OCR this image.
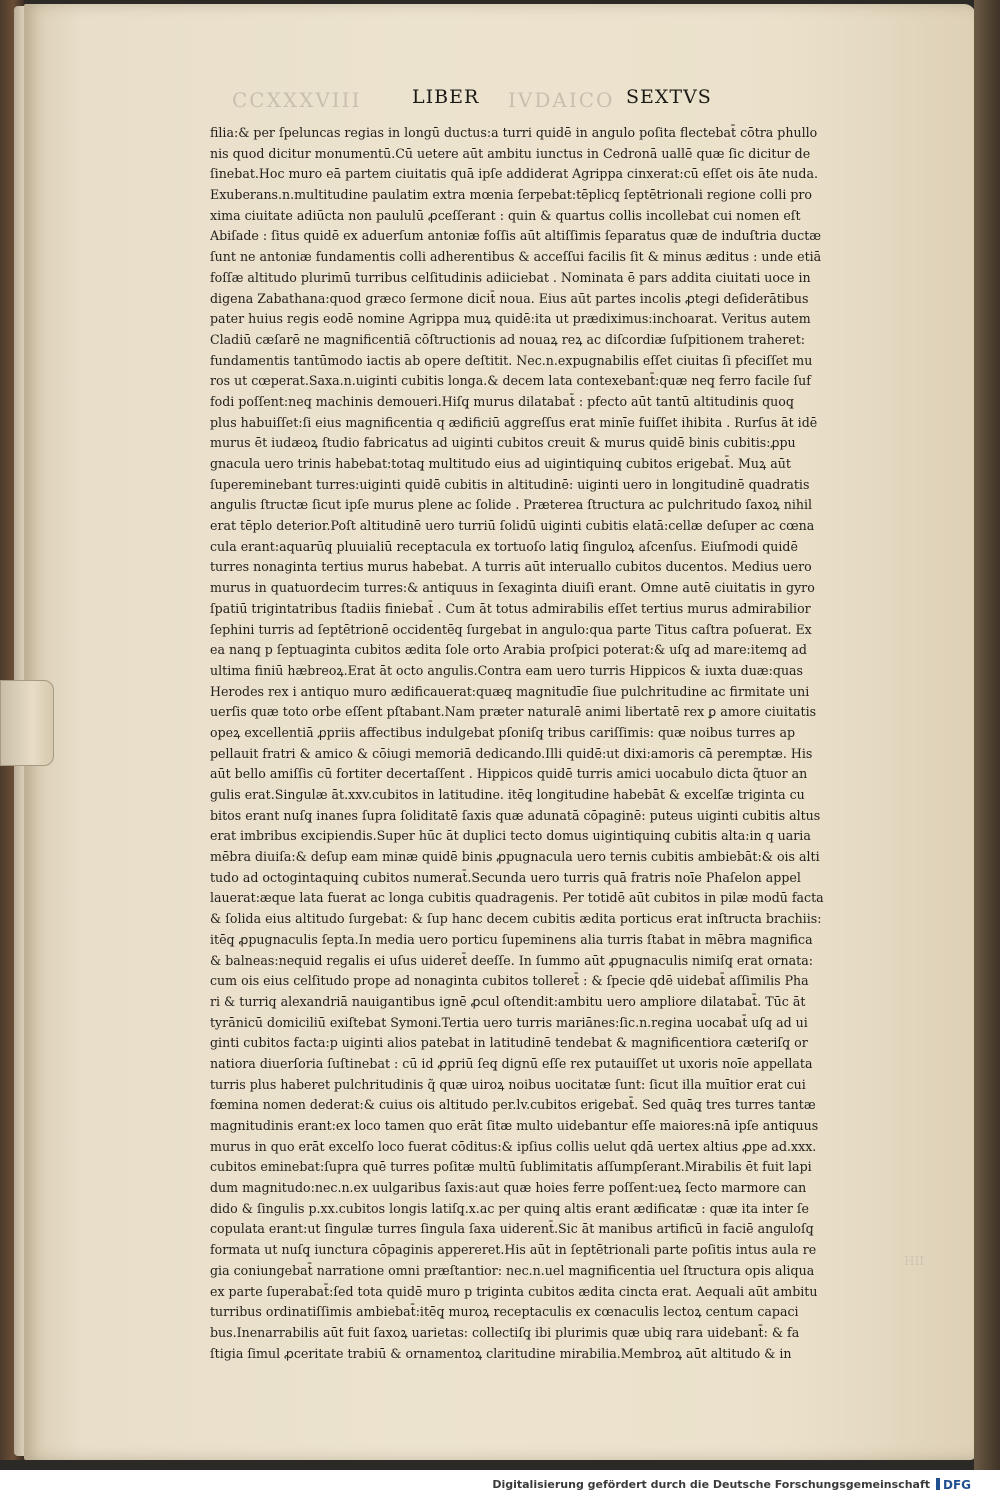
CCXXXVIII	IVDAICO
LIBER	SEXTVS
filia:& per ſpeluncas regias in longū ductus:a turri quidē in angulo poſita flectebat̄ cōtra phullo
nis quod dicitur monumentū.Cū uetere aūt ambitu iunctus in Cedronā uallē quæ ſic dicitur de
ſinebat.Hoc muro eā partem ciuitatis quā ipſe addiderat Agrippa cinxerat:cū eſſet ois āte nuda.
Exuberans.n.multitudine paulatim extra mœnia ſerpebat:tēplicq̧ ſeptētrionali regione colli pro
xima ciuitate adiūcta non paululū ꝓceſſerant : quin & quartus collis incollebat cui nomen eſt
Abiſade : ſitus quidē ex aduerſum antoniæ foſſis aūt altiſſimis ſeparatus quæ de induſtria ductæ
ſunt ne antoniæ fundamentis colli adherentibus & acceſſui facilis ſit & minus æditus : unde etiā
foſſæ altitudo plurimū turribus celſitudinis adiiciebat . Nominata ē pars addita ciuitati uoce in
digena Zabathana:quod græco ſermone dicit̄ noua. Eius aūt partes incolis ꝓtegi deſiderātibus
pater huius regis eodē nomine Agrippa muꝝ quidē:ita ut prædiximus:inchoarat. Veritus autem
Cladiū cæſarē ne magnificentiā cōſtructionis ad nouaꝝ reꝝ ac diſcordiæ ſuſpitionem traheret:
fundamentis tantūmodo iactis ab opere deſtitit. Nec.n.expugnabilis eſſet ciuitas ſi pfeciſſet mu
ros ut cœperat.Saxa.n.uiginti cubitis longa.& decem lata contexebant̄:quæ neq̧ ferro facile ſuf
fodi poſſent:neq̧ machinis demoueri.Hiſq̧ murus dilatabat̄ : pfecto aūt tantū altitudinis quoq̧
plus habuiſſet:ſi eius magnificentia q ædificiū aggreſſus erat minīe fuiſſet ihibita . Rurſus āt idē
murus ēt iudæoꝝ ſtudio fabricatus ad uiginti cubitos creuit & murus quidē binis cubitis:ꝓpu
gnacula uero trinis habebat:totaq̧ multitudo eius ad uigintiquinq̧ cubitos erigebat̄. Muꝝ aūt
ſupereminebant turres:uiginti quidē cubitis in altitudinē: uiginti uero in longitudinē quadratis
angulis ſtructæ ſicut ipſe murus plene ac ſolide . Præterea ſtructura ac pulchritudo ſaxoꝝ nihil
erat tēplo deterior.Poſt altitudinē uero turriū ſolidū uiginti cubitis elatā:cellæ deſuper ac cœna
cula erant:aquarūq̧ pluuialiū receptacula ex tortuoſo latiq̧ ſinguloꝝ aſcenſus. Eiuſmodi quidē
turres nonaginta tertius murus habebat. A turris aūt interuallo cubitos ducentos. Medius uero
murus in quatuordecim turres:& antiquus in ſexaginta diuiſi erant. Omne autē ciuitatis in gyro
ſpatiū trigintatribus ſtadiis finiebat̄ . Cum āt totus admirabilis eſſet tertius murus admirabilior
ſephini turris ad ſeptētrionē occidentēq̧ ſurgebat in angulo:qua parte Titus caſtra poſuerat. Ex
ea nanq̧ p ſeptuaginta cubitos ædita ſole orto Arabia proſpici poterat:& uſq̧ ad mare:itemq̧ ad
ultima finiū hæbreoꝝ.Erat āt octo angulis.Contra eam uero turris Hippicos & iuxta duæ:quas
Herodes rex i antiquo muro ædificauerat:quæq̧ magnitudīe ſiue pulchritudine ac firmitate uni
uerſis quæ toto orbe eſſent pſtabant.Nam præter naturalē animi libertatē rex ꝑ amore ciuitatis
opeꝝ excellentiā ꝓpriis affectibus indulgebat pſoniſq̧ tribus cariſſimis: quæ noibus turres ap
pellauit fratri & amico & cōiugi memoriā dedicando.Illi quidē:ut dixi:amoris cā peremptæ. His
aūt bello amiſſis cū fortiter decertaſſent . Hippicos quidē turris amici uocabulo dicta q̃tuor an
gulis erat.Singulæ āt.xxv.cubitos in latitudine. itēq̧ longitudine habebāt & excelſæ triginta cu
bitos erant nuſq̧ inanes ſupra ſoliditatē ſaxis quæ adunatā cōpaginē: puteus uiginti cubitis altus
erat imbribus excipiendis.Super hūc āt duplici tecto domus uigintiquinq̧ cubitis alta:in q uaria
mēbra diuiſa:& deſup eam minæ quidē binis ꝓpugnacula uero ternis cubitis ambiebāt:& ois alti
tudo ad octogintaquinq̧ cubitos numerat̄.Secunda uero turris quā fratris noīe Phaſelon appel
lauerat:æque lata fuerat ac longa cubitis quadragenis. Per totidē aūt cubitos in pilæ modū facta
& ſolida eius altitudo ſurgebat: & ſup hanc decem cubitis ædita porticus erat inſtructa brachiis:
itēq̧ ꝓpugnaculis ſepta.In media uero porticu ſupeminens alia turris ſtabat in mēbra magnifica
& balneas:nequid regalis ei uſus uideret̄ deeſſe. In ſummo aūt ꝓpugnaculis nimiſq̧ erat ornata:
cum ois eius celſitudo prope ad nonaginta cubitos tolleret̄ : & ſpecie qdē uidebat̄ aſſimilis Pha
ri & turriq̧ alexandriā nauigantibus ignē ꝓcul oſtendit:ambitu uero ampliore dilatabat̄. Tūc āt
tyrānicū domiciliū exiſtebat Symoni.Tertia uero turris mariānes:ſic.n.regina uocabat̄ uſq̧ ad ui
ginti cubitos facta:p uiginti alios patebat in latitudinē tendebat & magnificentiora cæteriſq̧ or
natiora diuerſoria ſuſtinebat : cū id ꝓpriū ſeq̧ dignū eſſe rex putauiſſet ut uxoris noīe appellata
turris plus haberet pulchritudinis q̃ quæ uiroꝝ noibus uocitatæ ſunt: ſicut illa muītior erat cui
fœmina nomen dederat:& cuius ois altitudo per.lv.cubitos erigebat̄. Sed quāq̧ tres turres tantæ
magnitudinis erant:ex loco tamen quo erāt ſitæ multo uidebantur eſſe maiores:nā ipſe antiquus
murus in quo erāt excelſo loco fuerat cōditus:& ipſius collis uelut qdā uertex altius ꝓpe ad.xxx.
cubitos eminebat:ſupra quē turres poſitæ multū ſublimitatis aſſumpſerant.Mirabilis ēt fuit lapi
dum magnitudo:nec.n.ex uulgaribus ſaxis:aut quæ hoies ferre poſſent:ueꝝ ſecto marmore can
dido & ſingulis p.xx.cubitos longis latiſq̧.x.ac per quinq̧ altis erant ædificatæ : quæ ita inter ſe
copulata erant:ut ſingulæ turres ſingula ſaxa uiderent̄.Sic āt manibus artificū in faciē anguloſq̧
formata ut nuſq̧ iunctura cōpaginis appereret.His aūt in ſeptētrionali parte poſitis intus aula re
gia coniungebat̄ narratione omni præſtantior: nec.n.uel magnificentia uel ſtructura opis aliqua
ex parte ſuperabat̄:ſed tota quidē muro p triginta cubitos ædita cincta erat. Aequali aūt ambitu
turribus ordinatiſſimis ambiebat̄:itēq̧ muroꝝ receptaculis ex cœnaculis lectoꝝ centum capaci
bus.Inenarrabilis aūt fuit ſaxoꝝ uarietas: collectiſq̧ ibi plurimis quæ ubiq̧ rara uidebant̄: & fa
ſtigia ſimul ꝓceritate trabiū & ornamentoꝝ claritudine mirabilia.Membroꝝ aūt altitudo & in
HII
Digitalisierung gefördert durch die Deutsche Forschungsgemeinschaft DFG
